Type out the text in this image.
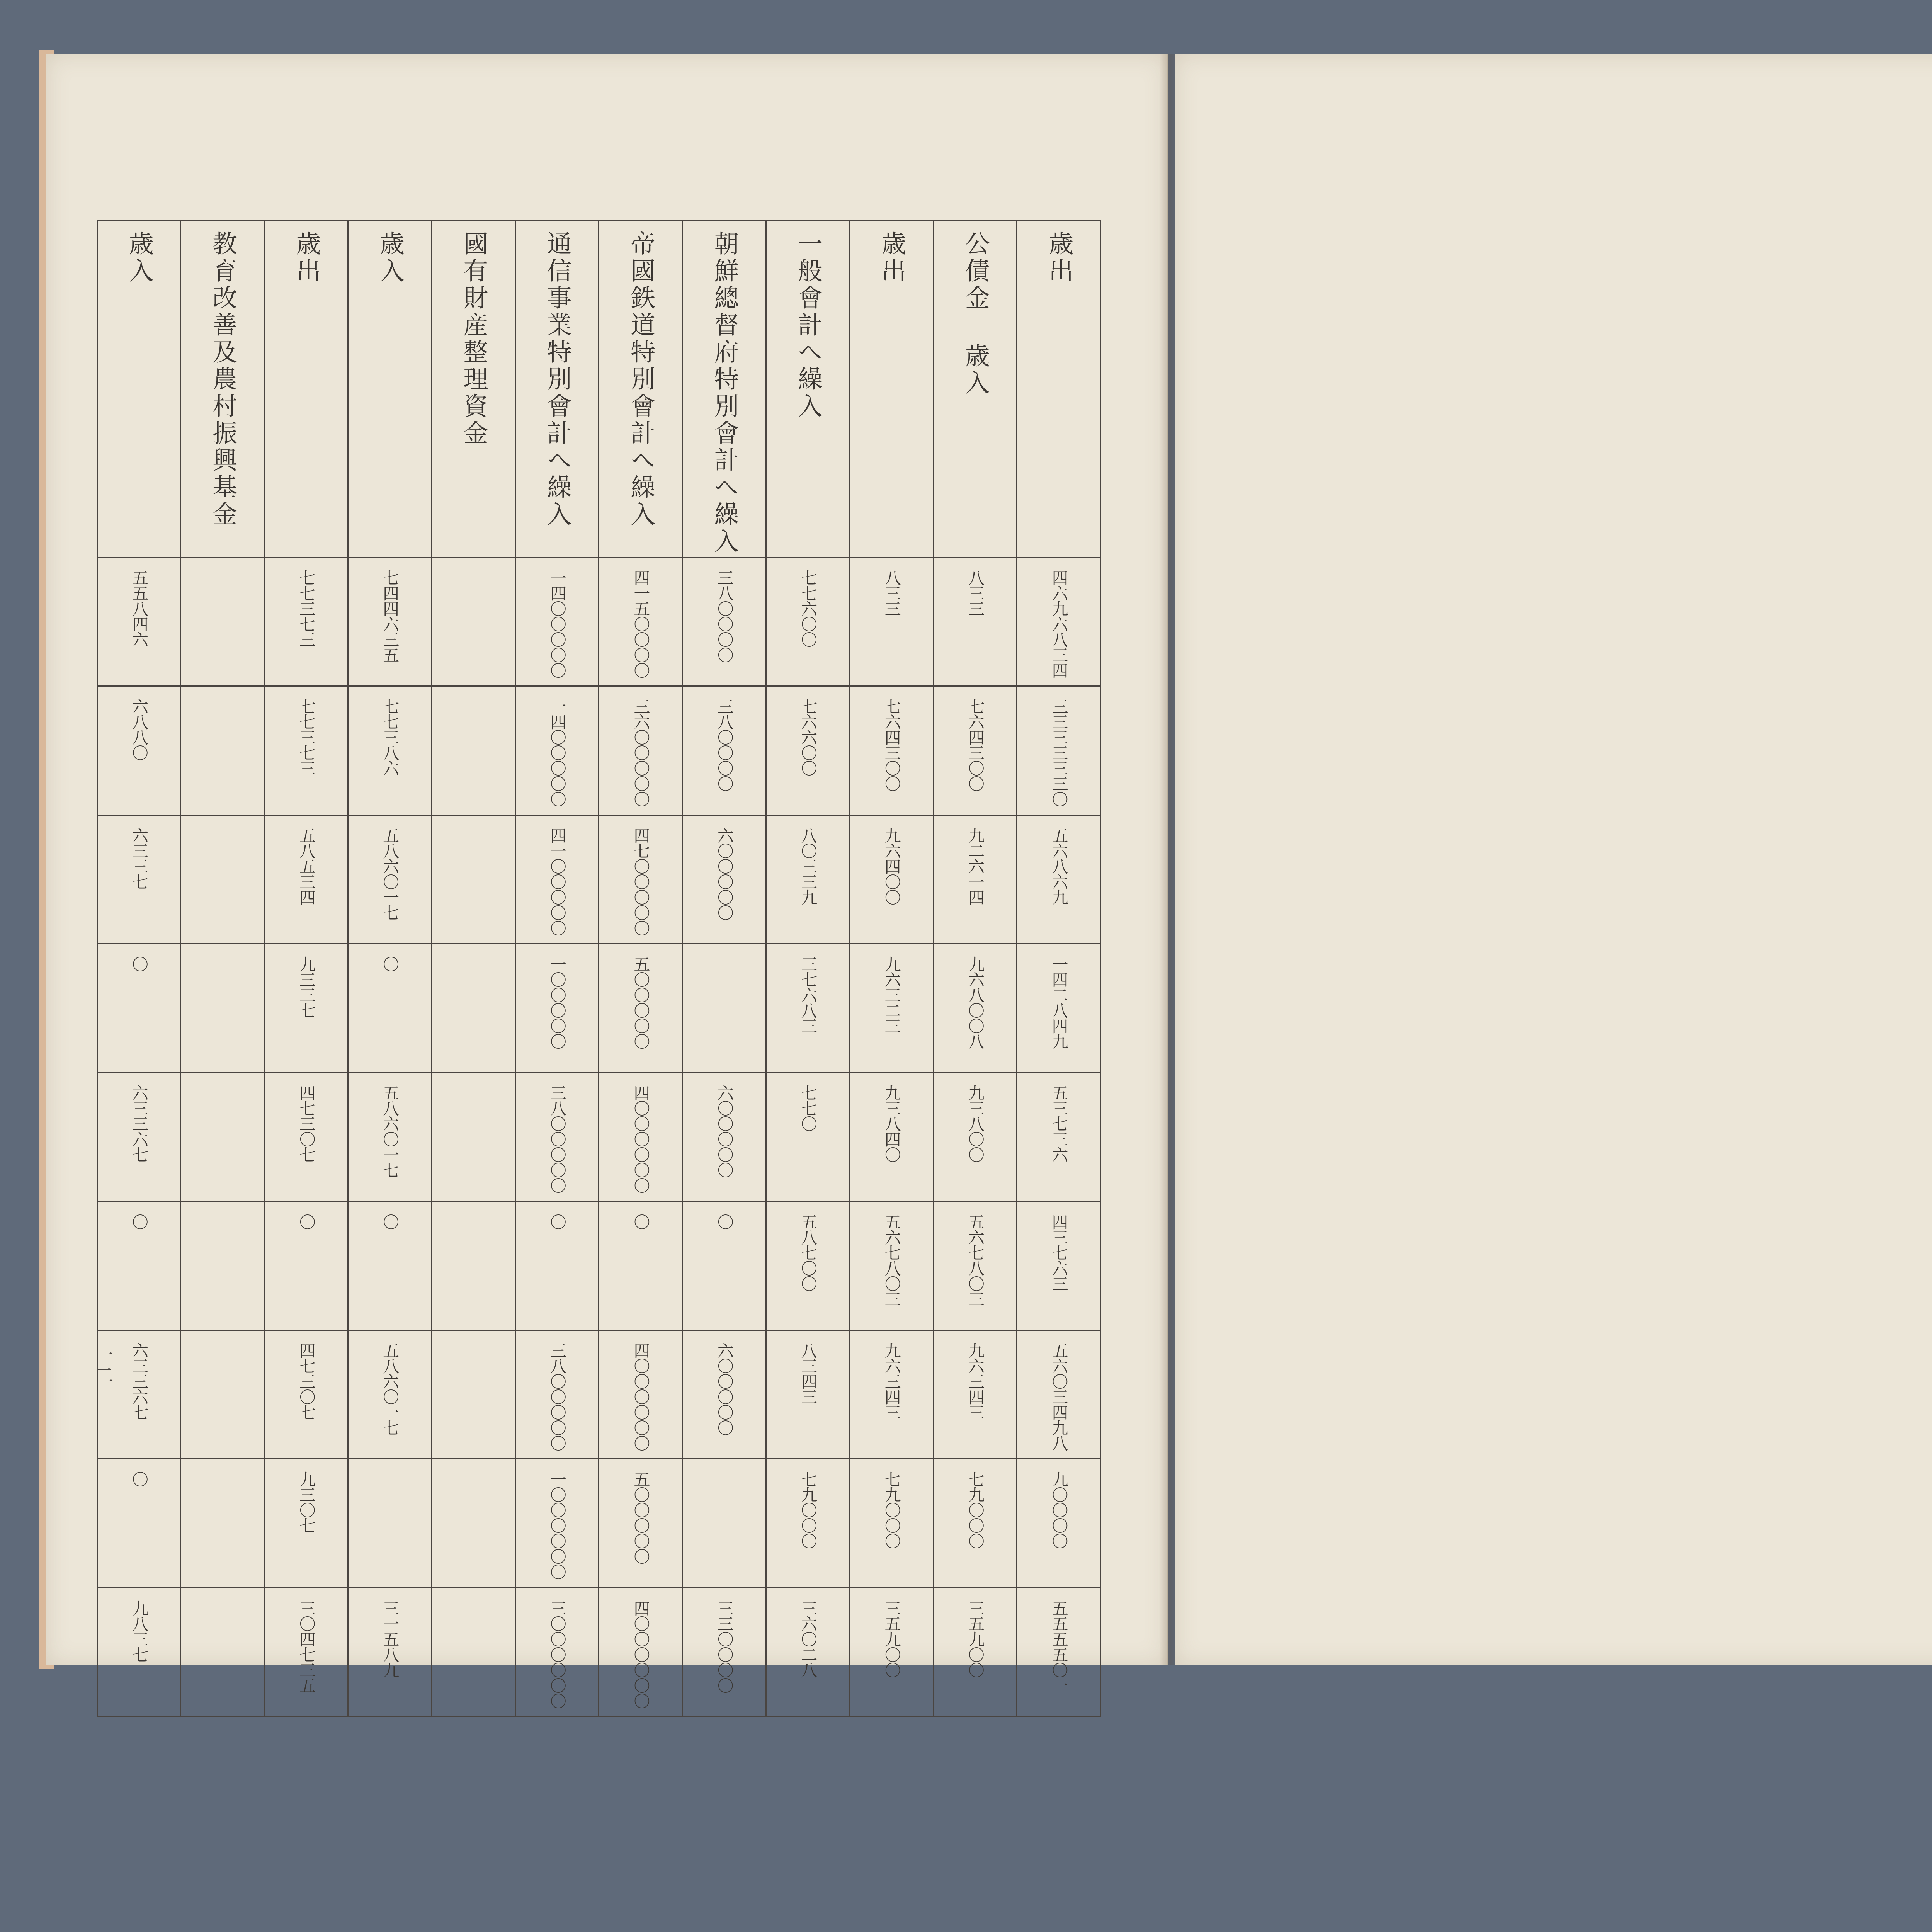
一二
歳入	教育改善及農村振興基金	歳出	歳入	國有財産整理資金	通信事業特別會計へ繰入	帝國鉄道特別會計へ繰入	朝鮮總督府特別會計へ繰入	一般會計へ繰入	歳出	公債金 歳入	歳出
五五八四六		七七三七三	七四四六三五		一四〇〇〇〇〇	四一五〇〇〇〇	三八〇〇〇〇	七七六〇〇	八三三	八三三	四六九六八三四
六八八〇		七七三七三	七七三八六		一四〇〇〇〇〇	三六〇〇〇〇〇	三八〇〇〇〇	七六六〇〇	七六四三〇〇	七六四三〇〇	三三三三三三〇
六三三七		五八五三四	五八六〇一七		四一〇〇〇〇〇	四七〇〇〇〇〇	六〇〇〇〇〇	八〇三三九	九六四〇〇	九二六一四	五六八六九
〇		九三三七	〇		一〇〇〇〇〇	五〇〇〇〇〇		三七六八三	九六三二三	九六八〇〇八	一四二八四九
六三三六七		四七三〇七	五八六〇一七		三八〇〇〇〇〇	四〇〇〇〇〇〇	六〇〇〇〇〇	七七〇	九三八四〇	九三八〇〇	五三七三六
〇		〇	〇		〇	〇	〇	五八七〇〇	五六七八〇三	五六七八〇三	四三七六三
六三三六七		四七三〇七	五八六〇一七		三八〇〇〇〇〇	四〇〇〇〇〇〇	六〇〇〇〇〇	八三四三	九六三四三	九六三四三	五六〇三四九八
〇		九三〇七			一〇〇〇〇〇〇	五〇〇〇〇〇		七九〇〇〇	七九〇〇〇	七九〇〇〇	九〇〇〇〇
九八三七		三〇四七三五	三一五八九		三〇〇〇〇〇〇	四〇〇〇〇〇〇	三三〇〇〇〇	三六〇二八	三五九〇〇	三五九〇〇	五五五五〇一
